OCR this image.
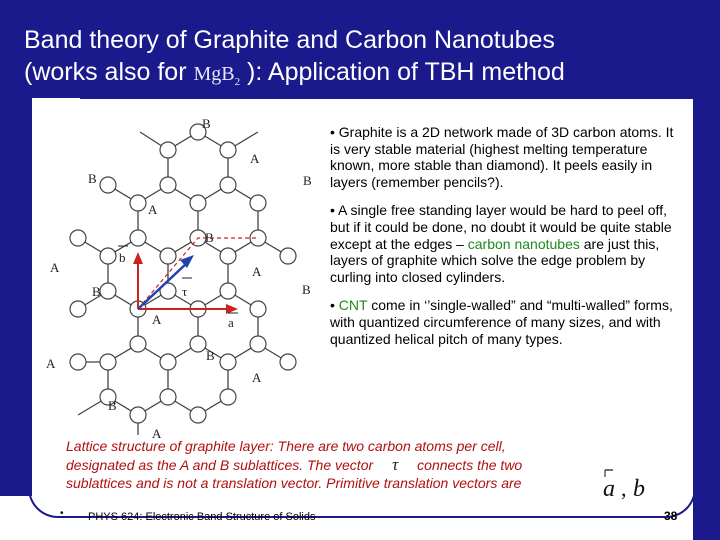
Band theory of Graphite and Carbon Nanotubes
(works also for MgB$_2$ ): Application of TBH method
B
A
B	B
A
B
A	A
B	B
A
B
A
A
B
A
b
τ
a

• Graphite is a 2D network made of 3D carbon atoms. It is very stable material (highest melting temperature known, more stable than diamond). It peels easily in layers (remember pencils?).

• A single free standing layer would be hard to peel off, but if it could be done, no doubt it would be quite stable except at the edges – carbon nanotubes are just this, layers of graphite which solve the edge problem by curling into closed cylinders.

• CNT come in ‘’single-walled” and “multi-walled” forms, with quantized circumference of many sizes, and with quantized helical pitch of many types.

Lattice structure of graphite layer: There are two carbon atoms per cell,
designated as the A and B sublattices. The vector τ connects the two
sublattices and is not a translation vector. Primitive translation vectors are	a , b
• PHYS 624: Electronic Band Structure of Solids	38
